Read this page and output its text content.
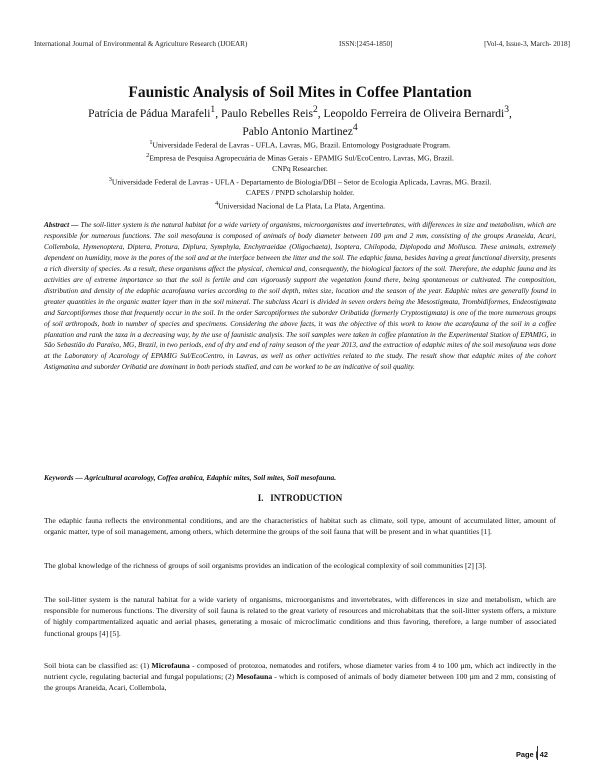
International Journal of Environmental & Agriculture Research (IJOEAR)	ISSN:[2454-1850]	[Vol-4, Issue-3, March- 2018]
Faunistic Analysis of Soil Mites in Coffee Plantation
Patrícia de Pádua Marafeli$^1$, Paulo Rebelles Reis$^2$, Leopoldo Ferreira de Oliveira Bernardi$^3$,
Pablo Antonio Martinez$^4$
$^1$Universidade Federal de Lavras - UFLA, Lavras, MG, Brazil. Entomology Postgraduate Program.
$^2$Empresa de Pesquisa Agropecuária de Minas Gerais - EPAMIG Sul/EcoCentro, Lavras, MG, Brazil.
CNPq Researcher.
$^3$Universidade Federal de Lavras - UFLA - Departamento de Biologia/DBI – Setor de Ecologia Aplicada, Lavras, MG. Brazil.
CAPES / PNPD scholarship holder.
$^4$Universidad Nacional de La Plata, La Plata, Argentina.

Abstract — The soil-litter system is the natural habitat for a wide variety of organisms, microorganisms and invertebrates, with differences in size and metabolism, which are responsible for numerous functions. The soil mesofauna is composed of animals of body diameter between 100 µm and 2 mm, consisting of the groups Araneida, Acari, Collembola, Hymenoptera, Diptera, Protura, Diplura, Symphyla, Enchytraeidae (Oligochaeta), Isoptera, Chilopoda, Diplopoda and Mollusca. These animals, extremely dependent on humidity, move in the pores of the soil and at the interface between the litter and the soil. The edaphic fauna, besides having a great functional diversity, presents a rich diversity of species. As a result, these organisms affect the physical, chemical and, consequently, the biological factors of the soil. Therefore, the edaphic fauna and its activities are of extreme importance so that the soil is fertile and can vigorously support the vegetation found there, being spontaneous or cultivated. The composition, distribution and density of the edaphic acarofauna varies according to the soil depth, mites size, location and the season of the year. Edaphic mites are generally found in greater quantities in the organic matter layer than in the soil mineral. The subclass Acari is divided in seven orders being the Mesostigmata, Trombidiformes, Endeostigmata and Sarcoptiformes those that frequently occur in the soil. In the order Sarcoptiformes the suborder Oribatida (formerly Cryptostigmata) is one of the more numerous groups of soil arthropods, both in number of species and specimens. Considering the above facts, it was the objective of this work to know the acarofauna of the soil in a coffee plantation and rank the taxa in a decreasing way, by the use of faunistic analysis. The soil samples were taken in coffee plantation in the Experimental Station of EPAMIG, in São Sebastião do Paraíso, MG, Brazil, in two periods, end of dry and end of rainy season of the year 2013, and the extraction of edaphic mites of the soil mesofauna was done at the Laboratory of Acarology of EPAMIG Sul/EcoCentro, in Lavras, as well as other activities related to the study. The result show that edaphic mites of the cohort Astigmatina and suborder Oribatid are dominant in both periods studied, and can be worked to be an indicative of soil quality.

Keywords — Agricultural acarology, Coffea arabica, Edaphic mites, Soil mites, Soil mesofauna.

I. INTRODUCTION

The edaphic fauna reflects the environmental conditions, and are the characteristics of habitat such as climate, soil type, amount of accumulated litter, amount of organic matter, type of soil management, among others, which determine the groups of the soil fauna that will be present and in what quantities [1].

The global knowledge of the richness of groups of soil organisms provides an indication of the ecological complexity of soil communities [2] [3].

The soil-litter system is the natural habitat for a wide variety of organisms, microorganisms and invertebrates, with differences in size and metabolism, which are responsible for numerous functions. The diversity of soil fauna is related to the great variety of resources and microhabitats that the soil-litter system offers, a mixture of highly compartmentalized aquatic and aerial phases, generating a mosaic of microclimatic conditions and thus favoring, therefore, a large number of associated functional groups [4] [5].

Soil biota can be classified as: (1) Microfauna - composed of protozoa, nematodes and rotifers, whose diameter varies from 4 to 100 µm, which act indirectly in the nutrient cycle, regulating bacterial and fungal populations; (2) Mesofauna - which is composed of animals of body diameter between 100 µm and 2 mm, consisting of the groups Araneida, Acari, Collembola,

Page | 42
